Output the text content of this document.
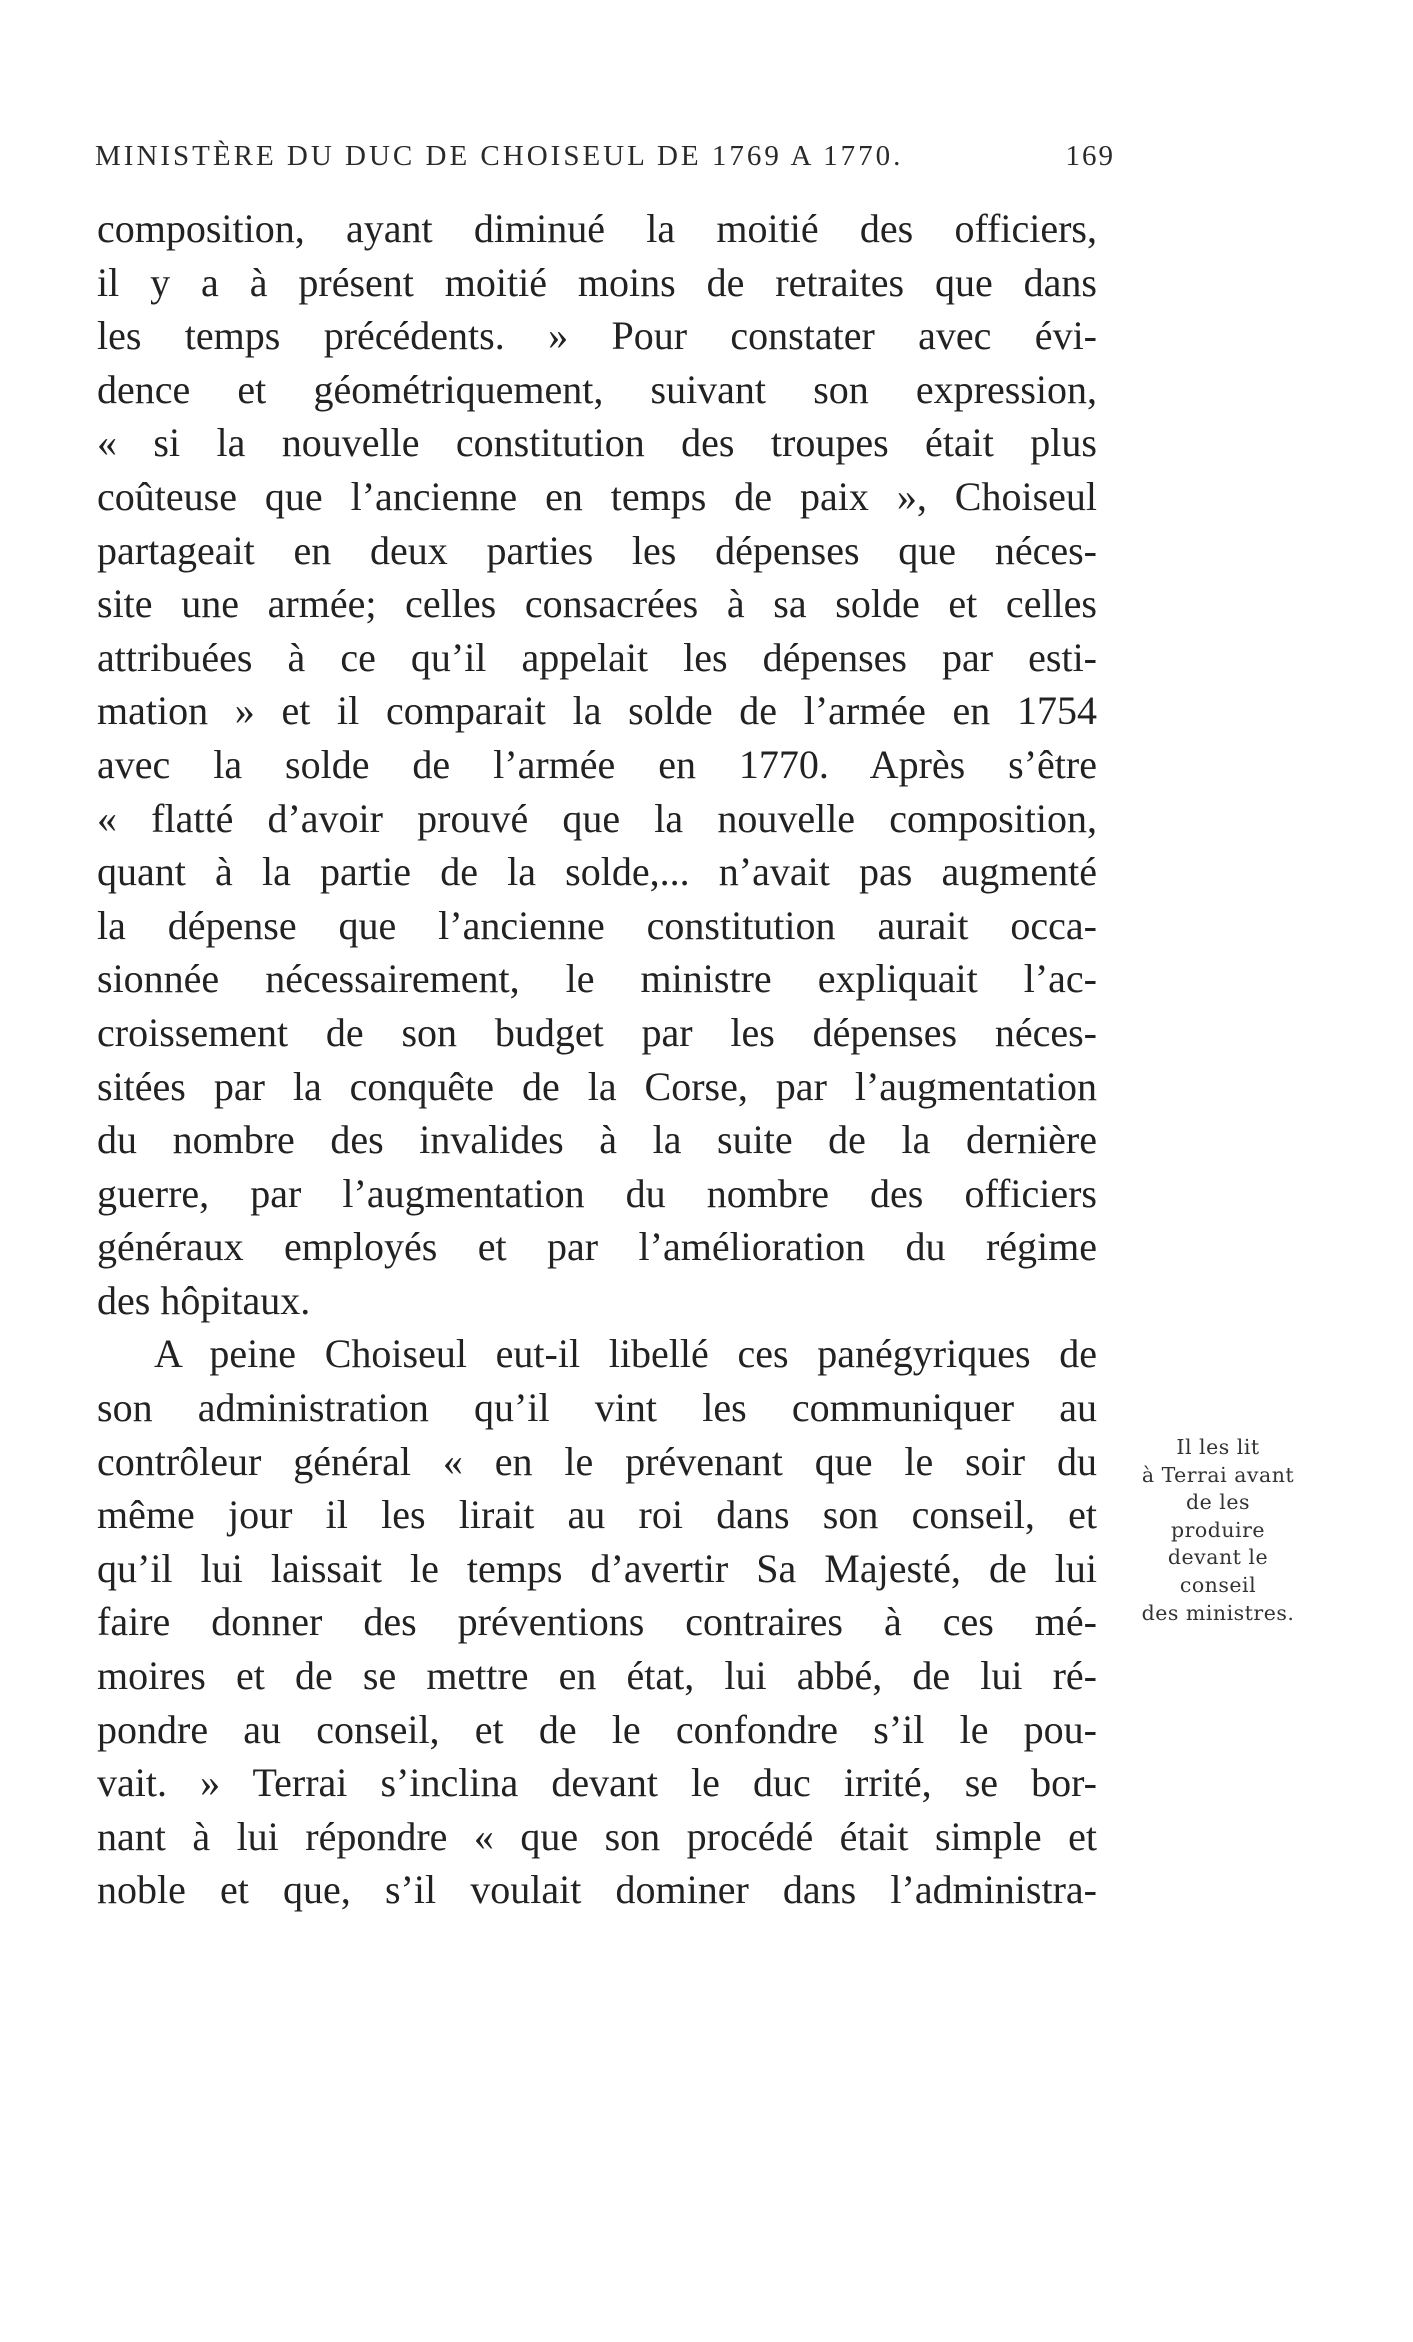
MINISTÈRE DU DUC DE CHOISEUL DE 1769 A 1770.	169
composition, ayant diminué la moitié des officiers,
il y a à présent moitié moins de retraites que dans
les temps précédents. » Pour constater avec évi-
dence et géométriquement, suivant son expression,
« si la nouvelle constitution des troupes était plus
coûteuse que l’ancienne en temps de paix », Choiseul
partageait en deux parties les dépenses que néces-
site une armée; celles consacrées à sa solde et celles
attribuées à ce qu’il appelait les dépenses par esti-
mation » et il comparait la solde de l’armée en 1754
avec la solde de l’armée en 1770. Après s’être
« flatté d’avoir prouvé que la nouvelle composition,
quant à la partie de la solde,... n’avait pas augmenté
la dépense que l’ancienne constitution aurait occa-
sionnée nécessairement, le ministre expliquait l’ac-
croissement de son budget par les dépenses néces-
sitées par la conquête de la Corse, par l’augmentation
du nombre des invalides à la suite de la dernière
guerre, par l’augmentation du nombre des officiers
généraux employés et par l’amélioration du régime
des hôpitaux.
A peine Choiseul eut-il libellé ces panégyriques de
son administration qu’il vint les communiquer au
contrôleur général « en le prévenant que le soir du
même jour il les lirait au roi dans son conseil, et
qu’il lui laissait le temps d’avertir Sa Majesté, de lui
faire donner des préventions contraires à ces mé-
moires et de se mettre en état, lui abbé, de lui ré-
pondre au conseil, et de le confondre s’il le pou-
vait. » Terrai s’inclina devant le duc irrité, se bor-
nant à lui répondre « que son procédé était simple et
noble et que, s’il voulait dominer dans l’administra-
Il les lit
à Terrai avant
de les
produire
devant le
conseil
des ministres.
